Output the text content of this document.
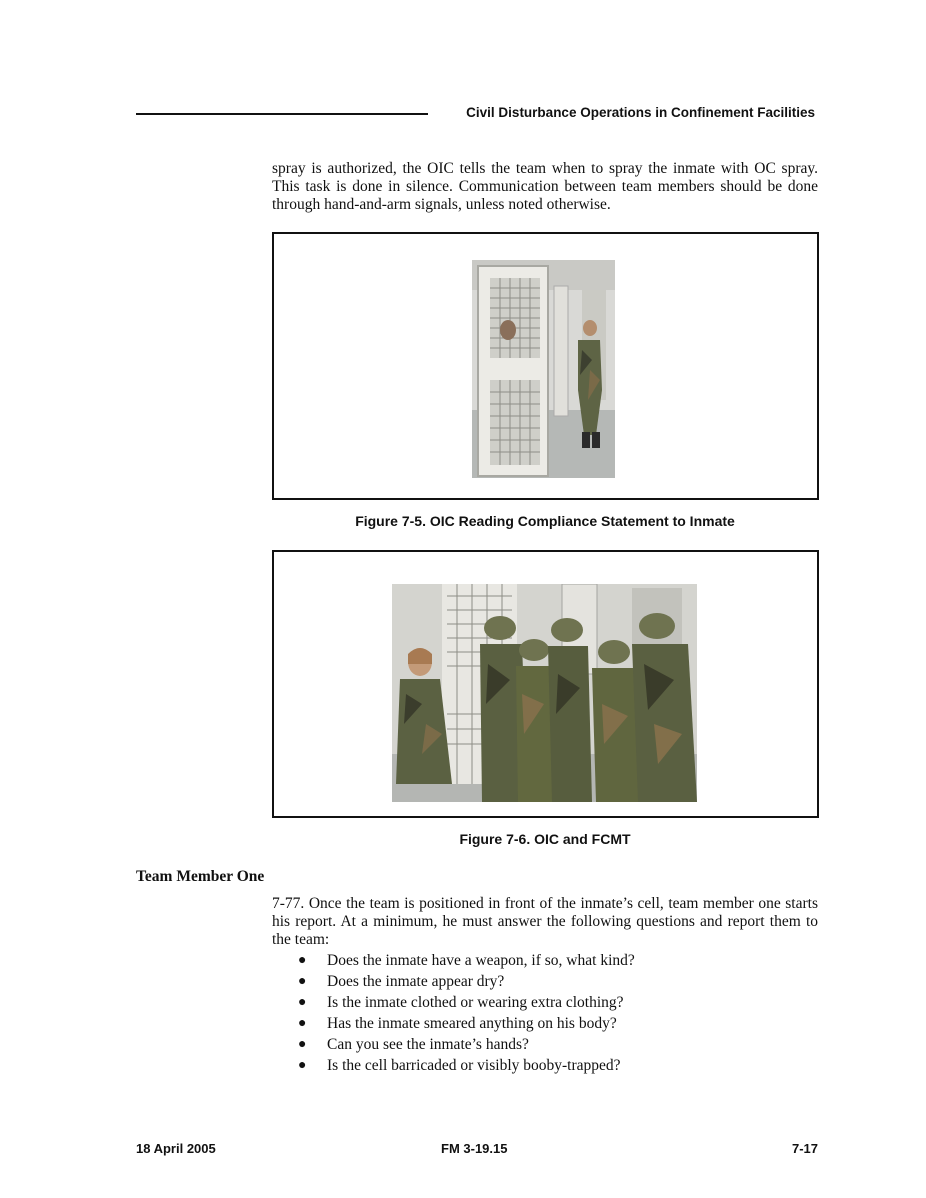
Civil Disturbance Operations in Confinement Facilities
spray is authorized, the OIC tells the team when to spray the inmate with OC spray. This task is done in silence. Communication between team members should be done through hand-and-arm signals, unless noted otherwise.
Figure 7-5. OIC Reading Compliance Statement to Inmate
Figure 7-6. OIC and FCMT
Team Member One
7-77. Once the team is positioned in front of the inmate’s cell, team member one starts his report. At a minimum, he must answer the following questions and report them to the team:
● Does the inmate have a weapon, if so, what kind?
● Does the inmate appear dry?
● Is the inmate clothed or wearing extra clothing?
● Has the inmate smeared anything on his body?
● Can you see the inmate’s hands?
● Is the cell barricaded or visibly booby-trapped?
18 April 2005	FM 3-19.15	7-17
